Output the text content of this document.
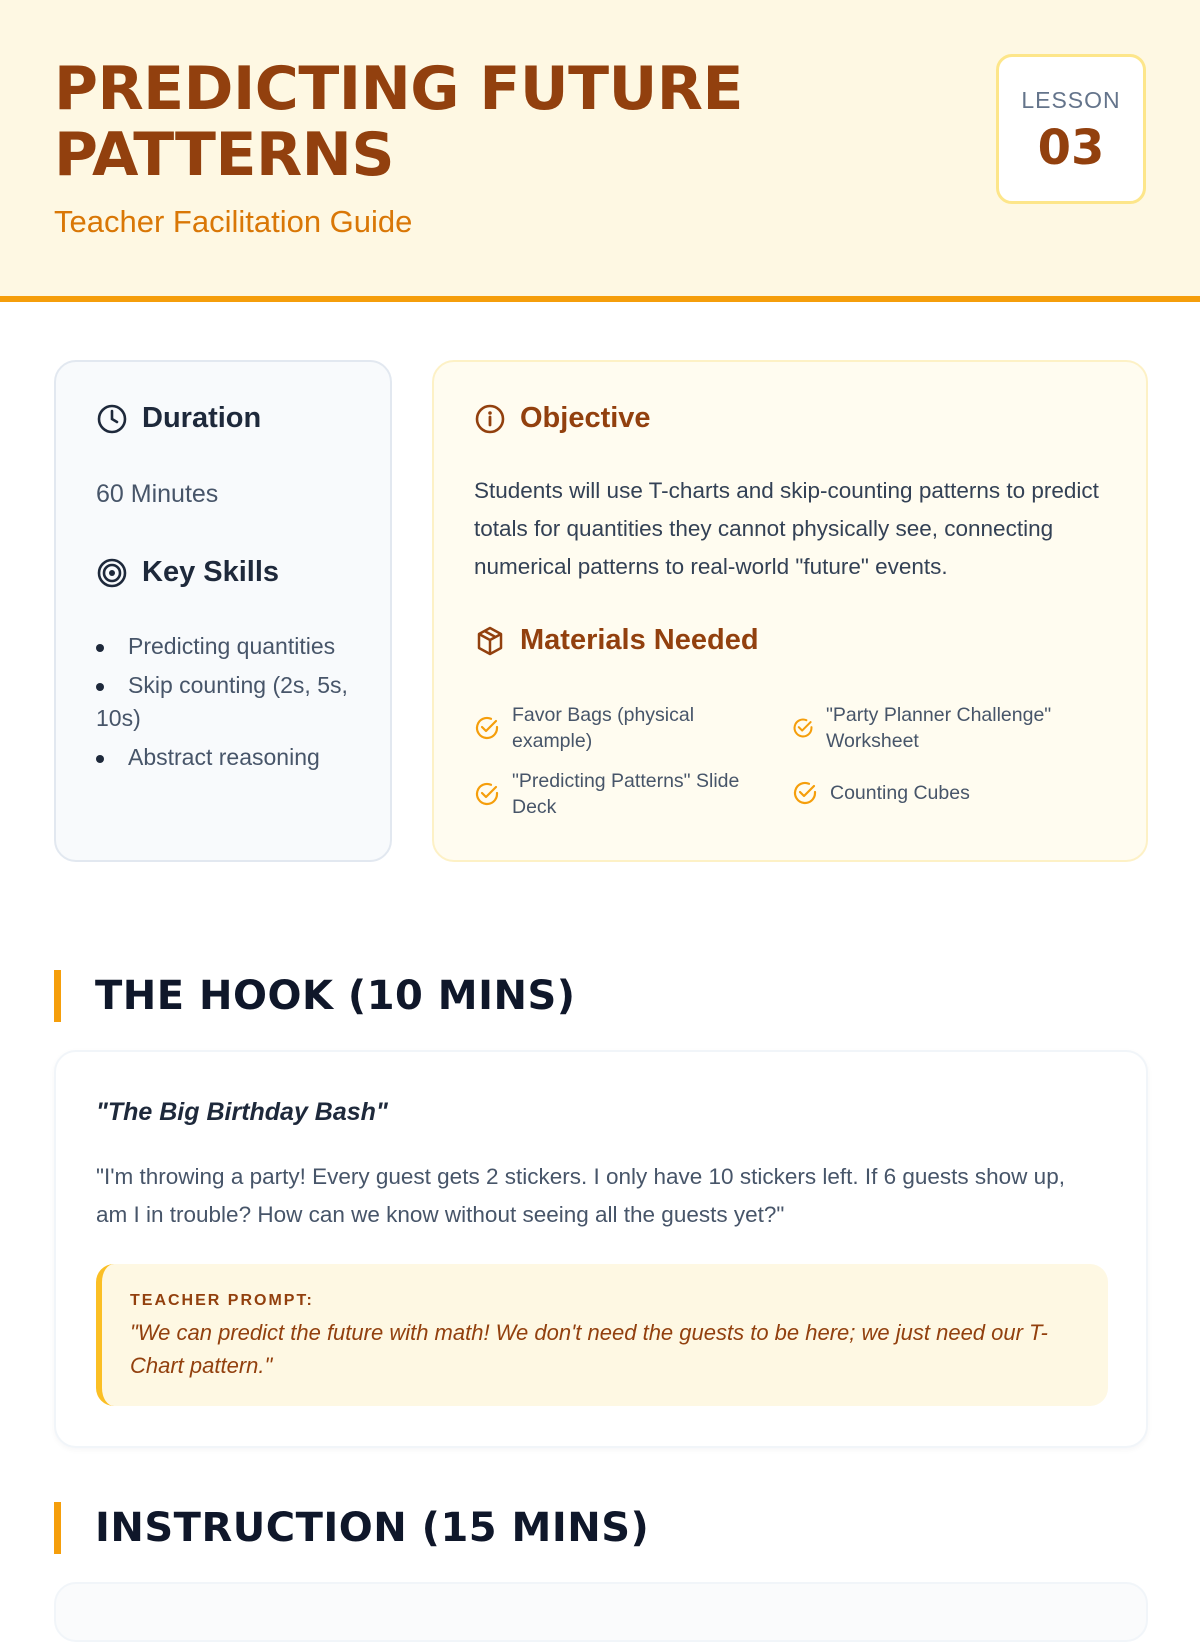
PREDICTING FUTURE PATTERNS
Teacher Facilitation Guide
LESSON
03
Duration
60 Minutes
Key Skills
Predicting quantities
Skip counting (2s, 5s, 10s)
Abstract reasoning
Objective

Students will use T-charts and skip-counting patterns to predict totals for quantities they cannot physically see, connecting numerical patterns to real-world "future" events.

Materials Needed
Favor Bags (physical example)
"Party Planner Challenge" Worksheet
"Predicting Patterns" Slide Deck
Counting Cubes
THE HOOK (10 MINS)

"The Big Birthday Bash"

"I'm throwing a party! Every guest gets 2 stickers. I only have 10 stickers left. If 6 guests show up, am I in trouble? How can we know without seeing all the guests yet?"

TEACHER PROMPT:
"We can predict the future with math! We don't need the guests to be here; we just need our T-Chart pattern."
INSTRUCTION (15 MINS)
